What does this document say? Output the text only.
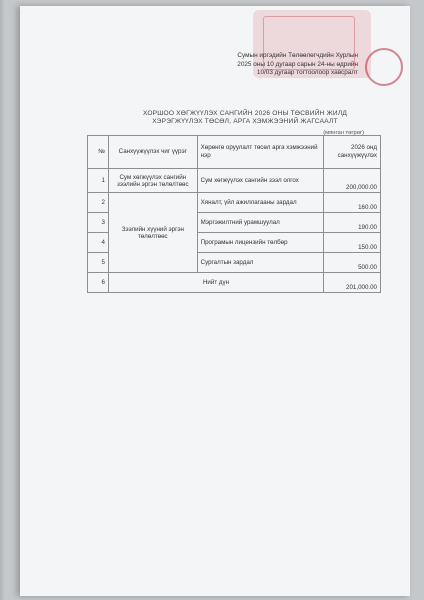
Сумын иргэдийн Төлөөлөгчдийн Хурлын
2025 оны 10 дугаар сарын 24-ны өдрийн
10/03 дугаар тогтоолоор хавсралт
ХОРШОО ХӨГЖҮҮЛЭХ САНГИЙН 2026 ОНЫ ТӨСВИЙН ЖИЛД
ХЭРЭГЖҮҮЛЭХ ТӨСӨЛ, АРГА ХЭМЖЭЭНИЙ ЖАГСААЛТ
(мянган төгрөг)
№	Санхүүжүүлэх чиг үүрэг	Хөрөнгө оруулалт төсөл арга хэмжээний нэр	2026 онд санхүүжүүлэх
1	Сум хөгжүүлэх сангийн зээлийн эргэн төлөлтөөс	Сум хөгжүүлэх сангийн зээл олгох	200,000.00
2	Зээлийн хүүний эргэн төлөлтөөс	Хяналт, үйл ажиллагааны зардал	160.00
3		Мэргэжилтний урамшуулал	190.00
4		Програмын лицензийн төлбөр	150.00
5		Сургалтын зардал	500.00
6	Нийт дүн		201,000.00
